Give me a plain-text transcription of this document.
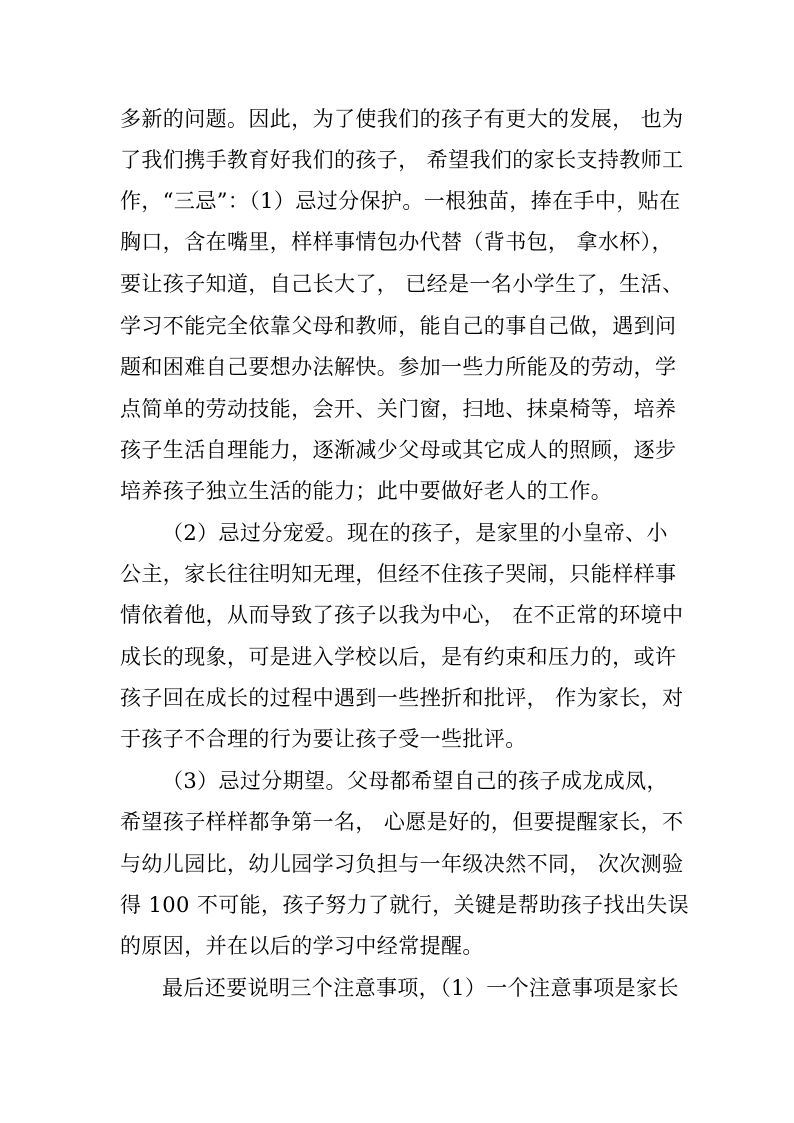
多新的问题。因此，为了使我们的孩子有更大的发展， 也为
了我们携手教育好我们的孩子， 希望我们的家长支持教师工
作，“三忌”：（1）忌过分保护。一根独苗，捧在手中，贴在
胸口，含在嘴里，样样事情包办代替（背书包， 拿水杯），
要让孩子知道，自己长大了， 已经是一名小学生了，生活、
学习不能完全依靠父母和教师，能自己的事自己做，遇到问
题和困难自己要想办法解快。参加一些力所能及的劳动，学
点简单的劳动技能，会开、关门窗，扫地、抹桌椅等，培养
孩子生活自理能力，逐渐减少父母或其它成人的照顾，逐步
培养孩子独立生活的能力；此中要做好老人的工作。
（2）忌过分宠爱。现在的孩子，是家里的小皇帝、小
公主，家长往往明知无理，但经不住孩子哭闹，只能样样事
情依着他，从而导致了孩子以我为中心， 在不正常的环境中
成长的现象，可是进入学校以后，是有约束和压力的，或许
孩子回在成长的过程中遇到一些挫折和批评， 作为家长，对
于孩子不合理的行为要让孩子受一些批评。
（3）忌过分期望。父母都希望自己的孩子成龙成凤，
希望孩子样样都争第一名， 心愿是好的，但要提醒家长，不
与幼儿园比，幼儿园学习负担与一年级决然不同， 次次测验
得 100 不可能，孩子努力了就行，关键是帮助孩子找出失误
的原因，并在以后的学习中经常提醒。
最后还要说明三个注意事项，（1）一个注意事项是家长
